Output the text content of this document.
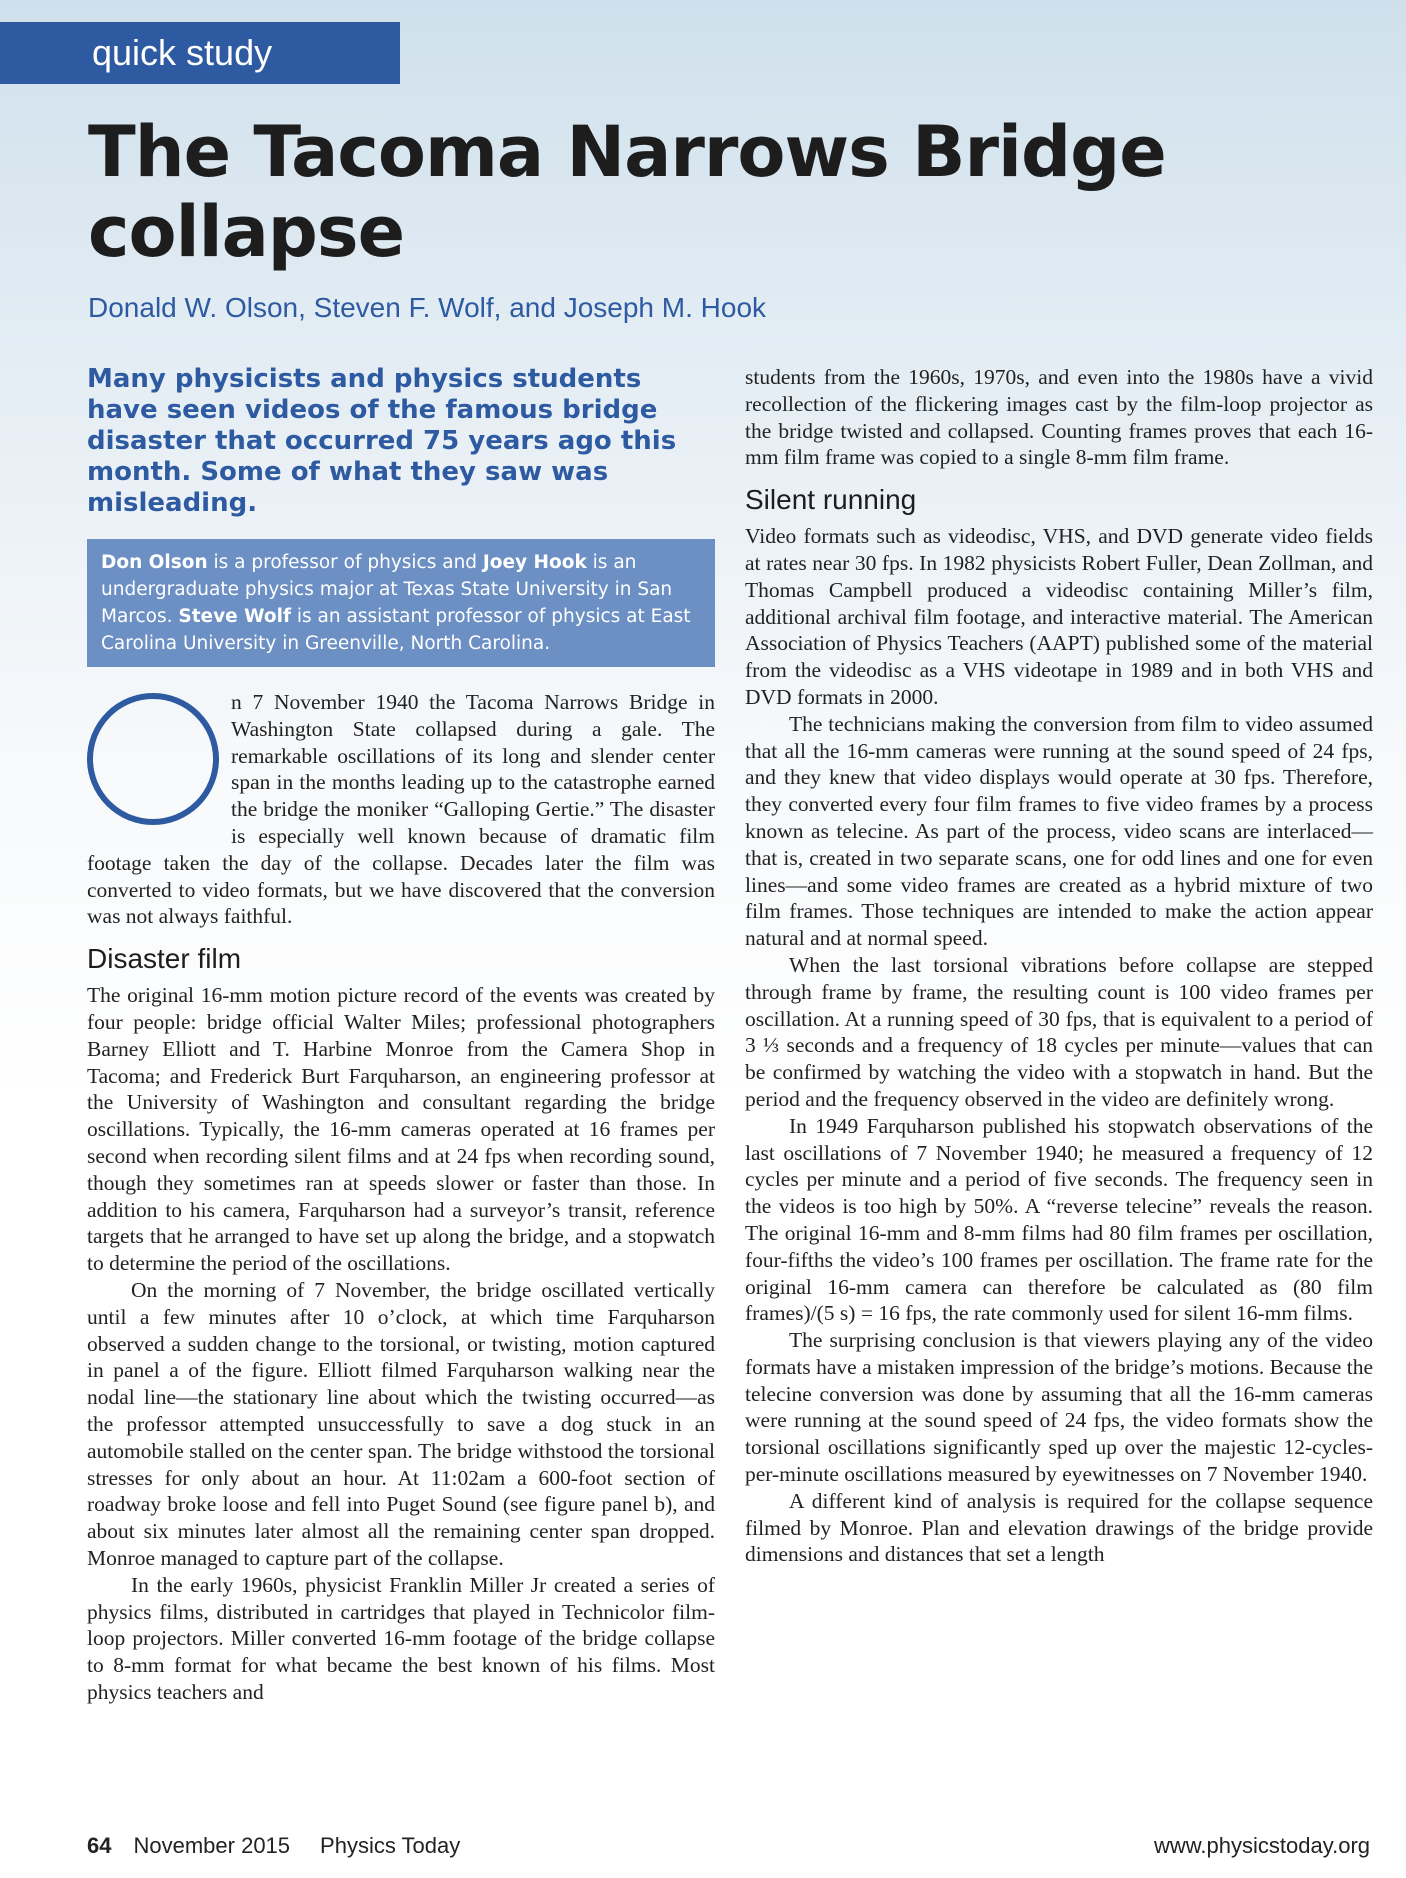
quick study
The Tacoma Narrows Bridge collapse
Donald W. Olson, Steven F. Wolf, and Joseph M. Hook

Many physicists and physics students have seen videos of the famous bridge disaster that occurred 75 years ago this month. Some of what they saw was misleading.

Don Olson is a professor of physics and Joey Hook is an undergraduate physics major at Texas State University in San Marcos. Steve Wolf is an assistant professor of physics at East Carolina University in Greenville, North Carolina.

n 7 November 1940 the Tacoma Narrows Bridge in Washington State collapsed during a gale. The remarkable oscillations of its long and slender center span in the months leading up to the catastrophe earned the bridge the moniker “Galloping Gertie.” The disaster is especially well known because of dramatic film footage taken the day of the collapse. Decades later the film was converted to video formats, but we have discovered that the conversion was not always faithful.

Disaster film

The original 16-mm motion picture record of the events was created by four people: bridge official Walter Miles; professional photographers Barney Elliott and T. Harbine Monroe from the Camera Shop in Tacoma; and Frederick Burt Farquharson, an engineering professor at the University of Washington and consultant regarding the bridge oscillations. Typically, the 16-mm cameras operated at 16 frames per second when recording silent films and at 24 fps when recording sound, though they sometimes ran at speeds slower or faster than those. In addition to his camera, Farquharson had a surveyor’s transit, reference targets that he arranged to have set up along the bridge, and a stopwatch to determine the period of the oscillations.

On the morning of 7 November, the bridge oscillated vertically until a few minutes after 10 o’clock, at which time Farquharson observed a sudden change to the torsional, or twisting, motion captured in panel a of the figure. Elliott filmed Farquharson walking near the nodal line—the stationary line about which the twisting occurred—as the professor attempted unsuccessfully to save a dog stuck in an automobile stalled on the center span. The bridge withstood the torsional stresses for only about an hour. At 11:02am a 600-foot section of roadway broke loose and fell into Puget Sound (see figure panel b), and about six minutes later almost all the remaining center span dropped. Monroe managed to capture part of the collapse.

In the early 1960s, physicist Franklin Miller Jr created a series of physics films, distributed in cartridges that played in Technicolor film-loop projectors. Miller converted 16-mm footage of the bridge collapse to 8-mm format for what became the best known of his films. Most physics teachers and

students from the 1960s, 1970s, and even into the 1980s have a vivid recollection of the flickering images cast by the film-loop projector as the bridge twisted and collapsed. Counting frames proves that each 16-mm film frame was copied to a single 8-mm film frame.

Silent running

Video formats such as videodisc, VHS, and DVD generate video fields at rates near 30 fps. In 1982 physicists Robert Fuller, Dean Zollman, and Thomas Campbell produced a videodisc containing Miller’s film, additional archival film footage, and interactive material. The American Association of Physics Teachers (AAPT) published some of the material from the videodisc as a VHS videotape in 1989 and in both VHS and DVD formats in 2000.

The technicians making the conversion from film to video assumed that all the 16-mm cameras were running at the sound speed of 24 fps, and they knew that video displays would operate at 30 fps. Therefore, they converted every four film frames to five video frames by a process known as telecine. As part of the process, video scans are interlaced—that is, created in two separate scans, one for odd lines and one for even lines—and some video frames are created as a hybrid mixture of two film frames. Those techniques are intended to make the action appear natural and at normal speed.

When the last torsional vibrations before collapse are stepped through frame by frame, the resulting count is 100 video frames per oscillation. At a running speed of 30 fps, that is equivalent to a period of 3 ⅓ seconds and a frequency of 18 cycles per minute—values that can be confirmed by watching the video with a stopwatch in hand. But the period and the frequency observed in the video are definitely wrong.

In 1949 Farquharson published his stopwatch observations of the last oscillations of 7 November 1940; he measured a frequency of 12 cycles per minute and a period of five seconds. The frequency seen in the videos is too high by 50%. A “reverse telecine” reveals the reason. The original 16-mm and 8-mm films had 80 film frames per oscillation, four-fifths the video’s 100 frames per oscillation. The frame rate for the original 16-mm camera can therefore be calculated as (80 film frames)/(5 s) = 16 fps, the rate commonly used for silent 16-mm films.

The surprising conclusion is that viewers playing any of the video formats have a mistaken impression of the bridge’s motions. Because the telecine conversion was done by assuming that all the 16-mm cameras were running at the sound speed of 24 fps, the video formats show the torsional oscillations significantly sped up over the majestic 12-cycles-per-minute oscillations measured by eyewitnesses on 7 November 1940.

A different kind of analysis is required for the collapse sequence filmed by Monroe. Plan and elevation drawings of the bridge provide dimensions and distances that set a length

64 November 2015 Physics Today	www.physicstoday.org
